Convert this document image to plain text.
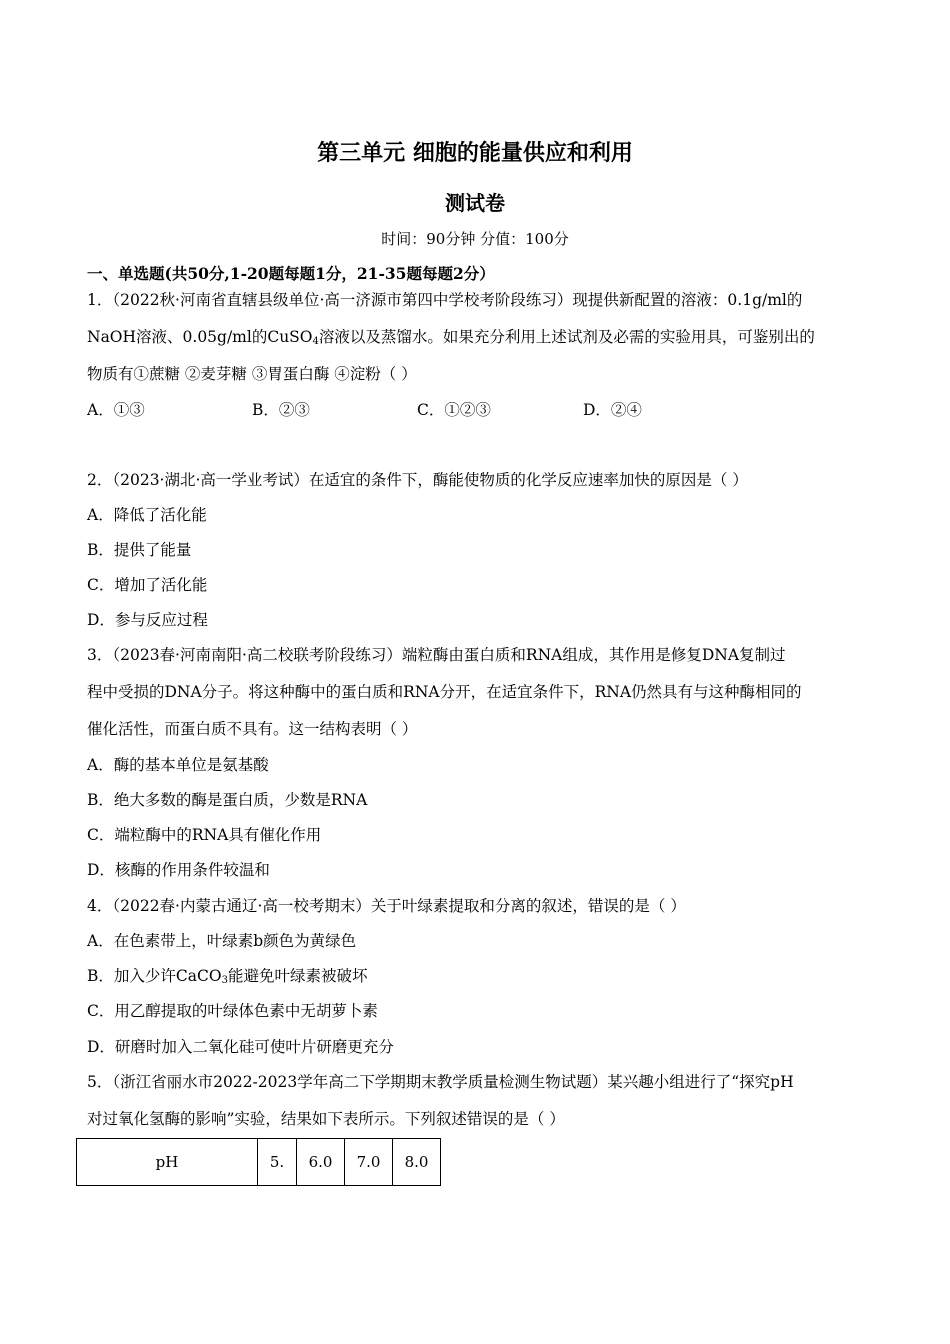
第三单元 细胞的能量供应和利用
测试卷
时间：90分钟 分值：100分
一、单选题(共50分,1-20题每题1分，21-35题每题2分）
1．（2022秋·河南省直辖县级单位·高一济源市第四中学校考阶段练习）现提供新配置的溶液：0.1g/ml的
NaOH溶液、0.05g/ml的CuSO$_4$溶液以及蒸馏水。如果充分利用上述试剂及必需的实验用具，可鉴别出的
物质有①蔗糖 ②麦芽糖 ③胃蛋白酶 ④淀粉（ ）
A．①③	B．②③	C．①②③	D．②④
2．（2023·湖北·高一学业考试）在适宜的条件下，酶能使物质的化学反应速率加快的原因是（ ）
A．降低了活化能
B．提供了能量
C．增加了活化能
D．参与反应过程
3．（2023春·河南南阳·高二校联考阶段练习）端粒酶由蛋白质和RNA组成，其作用是修复DNA复制过
程中受损的DNA分子。将这种酶中的蛋白质和RNA分开，在适宜条件下，RNA仍然具有与这种酶相同的
催化活性，而蛋白质不具有。这一结构表明（ ）
A．酶的基本单位是氨基酸
B．绝大多数的酶是蛋白质，少数是RNA
C．端粒酶中的RNA具有催化作用
D．核酶的作用条件较温和
4．（2022春·内蒙古通辽·高一校考期末）关于叶绿素提取和分离的叙述，错误的是（ ）
A．在色素带上，叶绿素b颜色为黄绿色
B．加入少许CaCO$_3$能避免叶绿素被破坏
C．用乙醇提取的叶绿体色素中无胡萝卜素
D．研磨时加入二氧化硅可使叶片研磨更充分
5．（浙江省丽水市2022-2023学年高二下学期期末教学质量检测生物试题）某兴趣小组进行了“探究pH
对过氧化氢酶的影响”实验，结果如下表所示。下列叙述错误的是（ ）
pH	5.	6.0	7.0	8.0
